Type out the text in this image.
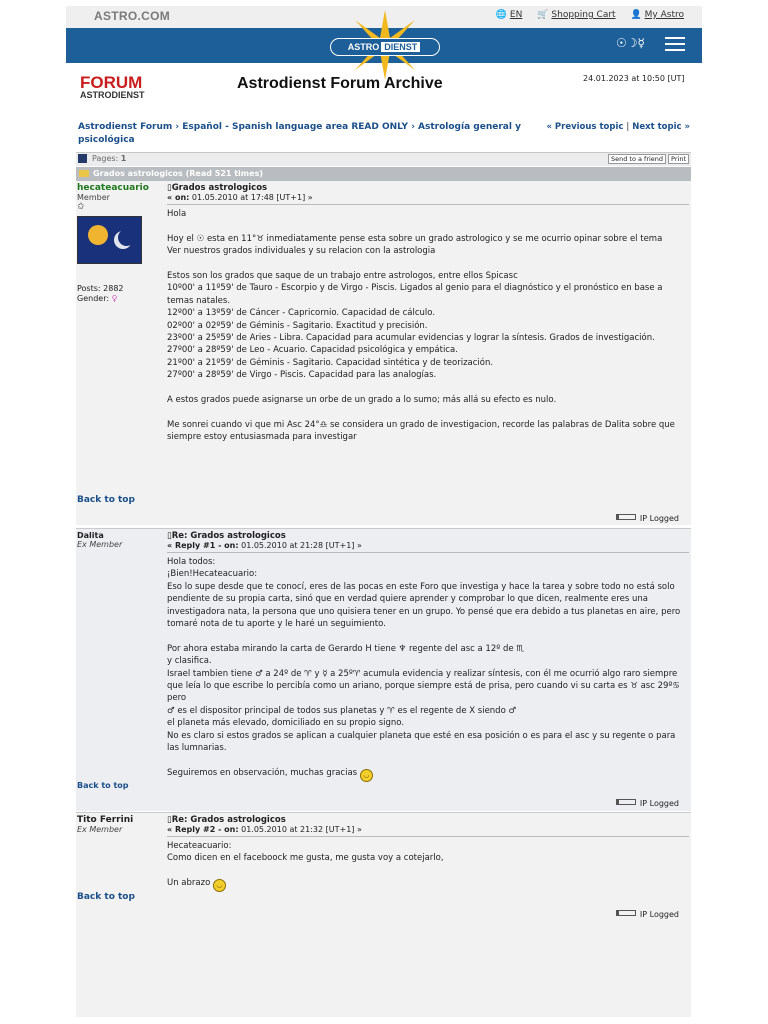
ASTRO.COM	🌐 EN 🛒 Shopping Cart 👤 My Astro
ASTRO DIENST	☉☽☿
FORUM
ASTRODIENST
Astrodienst Forum Archive	24.01.2023 at 10:50 [UT]
Astrodienst Forum › Español - Spanish language area READ ONLY › Astrología general y psicológica
« Previous topic | Next topic »
Pages: 1	Send to a friend Print
Grados astrologicos (Read 521 times)
hecateacuario
Member
✩
Posts: 2882
Gender: ♀
▯Grados astrologicos
« on: 01.05.2010 at 17:48 [UT+1] »

Hola

Hoy el ☉ esta en 11°♉ inmediatamente pense esta sobre un grado astrologico y se me ocurrio opinar sobre el tema

Ver nuestros grados individuales y su relacion con la astrologia

Estos son los grados que saque de un trabajo entre astrologos, entre ellos Spicasc

10º00' a 11º59' de Tauro - Escorpio y de Virgo - Piscis. Ligados al genio para el diagnóstico y el pronóstico en base a temas natales.

12º00' a 13º59' de Cáncer - Capricornio. Capacidad de cálculo.

02º00' a 02º59' de Géminis - Sagitario. Exactitud y precisión.

23º00' a 25º59' de Aries - Libra. Capacidad para acumular evidencias y lograr la síntesis. Grados de investigación.

27º00' a 28º59' de Leo - Acuario. Capacidad psicológica y empática.

21º00' a 21º59' de Géminis - Sagitario. Capacidad sintética y de teorización.

27º00' a 28º59' de Virgo - Piscis. Capacidad para las analogías.

A estos grados puede asignarse un orbe de un grado a lo sumo; más allá su efecto es nulo.

Me sonrei cuando vi que mi Asc 24°♎ se considera un grado de investigacion, recorde las palabras de Dalita sobre que siempre estoy entusiasmada para investigar

Back to top
IP Logged
Dalita
Ex Member
▯Re: Grados astrologicos
« Reply #1 - on: 01.05.2010 at 21:28 [UT+1] »

Hola todos:

¡Bien!Hecateacuario:

Eso lo supe desde que te conocí, eres de las pocas en este Foro que investiga y hace la tarea y sobre todo no está solo pendiente de su propia carta, sinó que en verdad quiere aprender y comprobar lo que dicen, realmente eres una investigadora nata, la persona que uno quisiera tener en un grupo. Yo pensé que era debido a tus planetas en aire, pero tomaré nota de tu aporte y le haré un seguimiento.

Por ahora estaba mirando la carta de Gerardo H tiene ♆ regente del asc a 12º de ♏

y clasifica.

Israel tambien tiene ♂ a 24º de ♈ y ☿ a 25º♈ acumula evidencia y realizar síntesis, con él me ocurrió algo raro siempre que leía lo que escribe lo percibía como un ariano, porque siempre está de prisa, pero cuando vi su carta es ♉ asc 29º♋ pero

♂ es el dispositor principal de todos sus planetas y ♈ es el regente de X siendo ♂

el planeta más elevado, domiciliado en su propio signo.

No es claro si estos grados se aplican a cualquier planeta que esté en esa posición o es para el asc y su regente o para las lumnarias.

Seguiremos en observación, muchas gracias ◡

Back to top
IP Logged
Tito Ferrini
Ex Member
▯Re: Grados astrologicos
« Reply #2 - on: 01.05.2010 at 21:32 [UT+1] »

Hecateacuario:

Como dicen en el faceboock me gusta, me gusta voy a cotejarlo,

Un abrazo ◡

Back to top
IP Logged
